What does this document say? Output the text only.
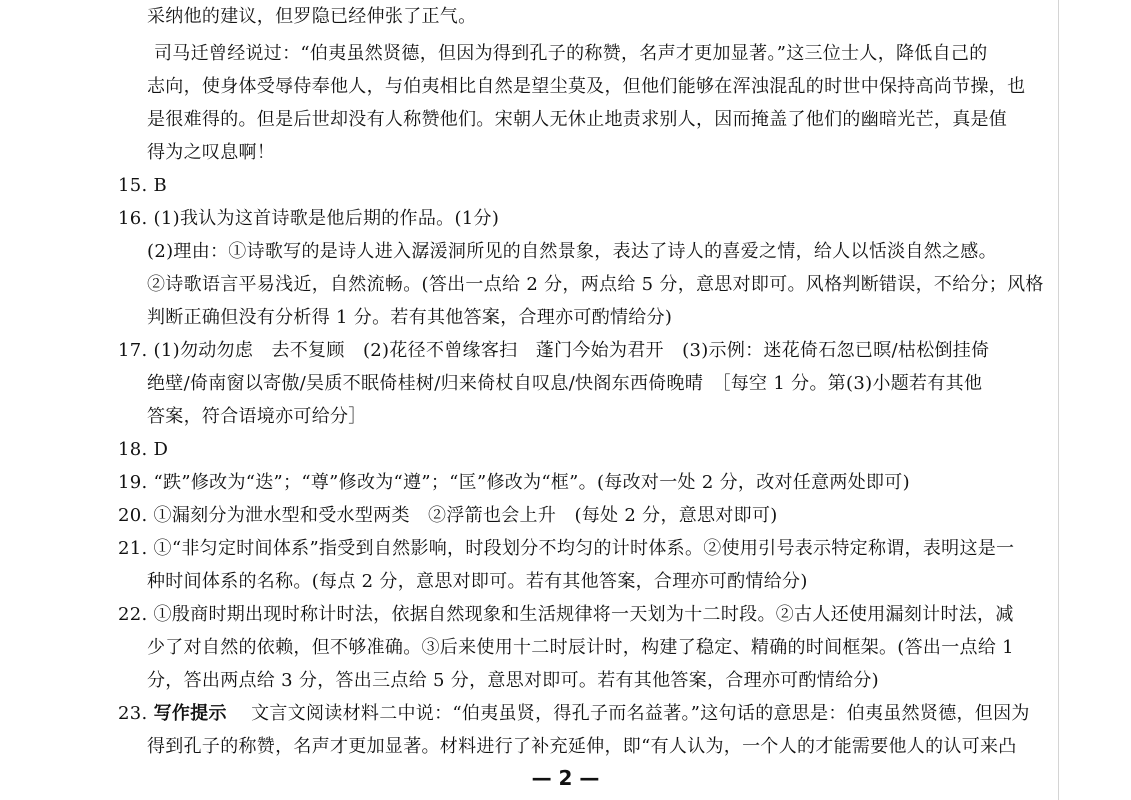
采纳他的建议，但罗隐已经伸张了正气。
司马迁曾经说过：“伯夷虽然贤德，但因为得到孔子的称赞，名声才更加显著。”这三位士人，降低自己的
志向，使身体受辱侍奉他人，与伯夷相比自然是望尘莫及，但他们能够在浑浊混乱的时世中保持高尚节操，也
是很难得的。但是后世却没有人称赞他们。宋朝人无休止地责求别人，因而掩盖了他们的幽暗光芒，真是值
得为之叹息啊！
15. B
16. (1)我认为这首诗歌是他后期的作品。(1分)
(2)理由：①诗歌写的是诗人进入潺湲洞所见的自然景象，表达了诗人的喜爱之情，给人以恬淡自然之感。
②诗歌语言平易浅近，自然流畅。(答出一点给 2 分，两点给 5 分，意思对即可。风格判断错误，不给分；风格
判断正确但没有分析得 1 分。若有其他答案，合理亦可酌情给分)
17. (1)勿动勿虑　去不复顾　(2)花径不曾缘客扫　蓬门今始为君开　(3)示例：迷花倚石忽已暝/枯松倒挂倚
绝壁/倚南窗以寄傲/吴质不眠倚桂树/归来倚杖自叹息/快阁东西倚晚晴　［每空 1 分。第(3)小题若有其他
答案，符合语境亦可给分］
18. D
19. “跌”修改为“迭”；“尊”修改为“遵”；“匡”修改为“框”。(每改对一处 2 分，改对任意两处即可)
20. ①漏刻分为泄水型和受水型两类　②浮箭也会上升　(每处 2 分，意思对即可)
21. ①“非匀定时间体系”指受到自然影响，时段划分不均匀的计时体系。②使用引号表示特定称谓，表明这是一
种时间体系的名称。(每点 2 分，意思对即可。若有其他答案，合理亦可酌情给分)
22. ①殷商时期出现时称计时法，依据自然现象和生活规律将一天划为十二时段。②古人还使用漏刻计时法，减
少了对自然的依赖，但不够准确。③后来使用十二时辰计时，构建了稳定、精确的时间框架。(答出一点给 1
分，答出两点给 3 分，答出三点给 5 分，意思对即可。若有其他答案，合理亦可酌情给分)
23. 写作提示 　文言文阅读材料二中说：“伯夷虽贤，得孔子而名益著。”这句话的意思是：伯夷虽然贤德，但因为
得到孔子的称赞，名声才更加显著。材料进行了补充延伸，即“有人认为，一个人的才能需要他人的认可来凸
— 2 —
